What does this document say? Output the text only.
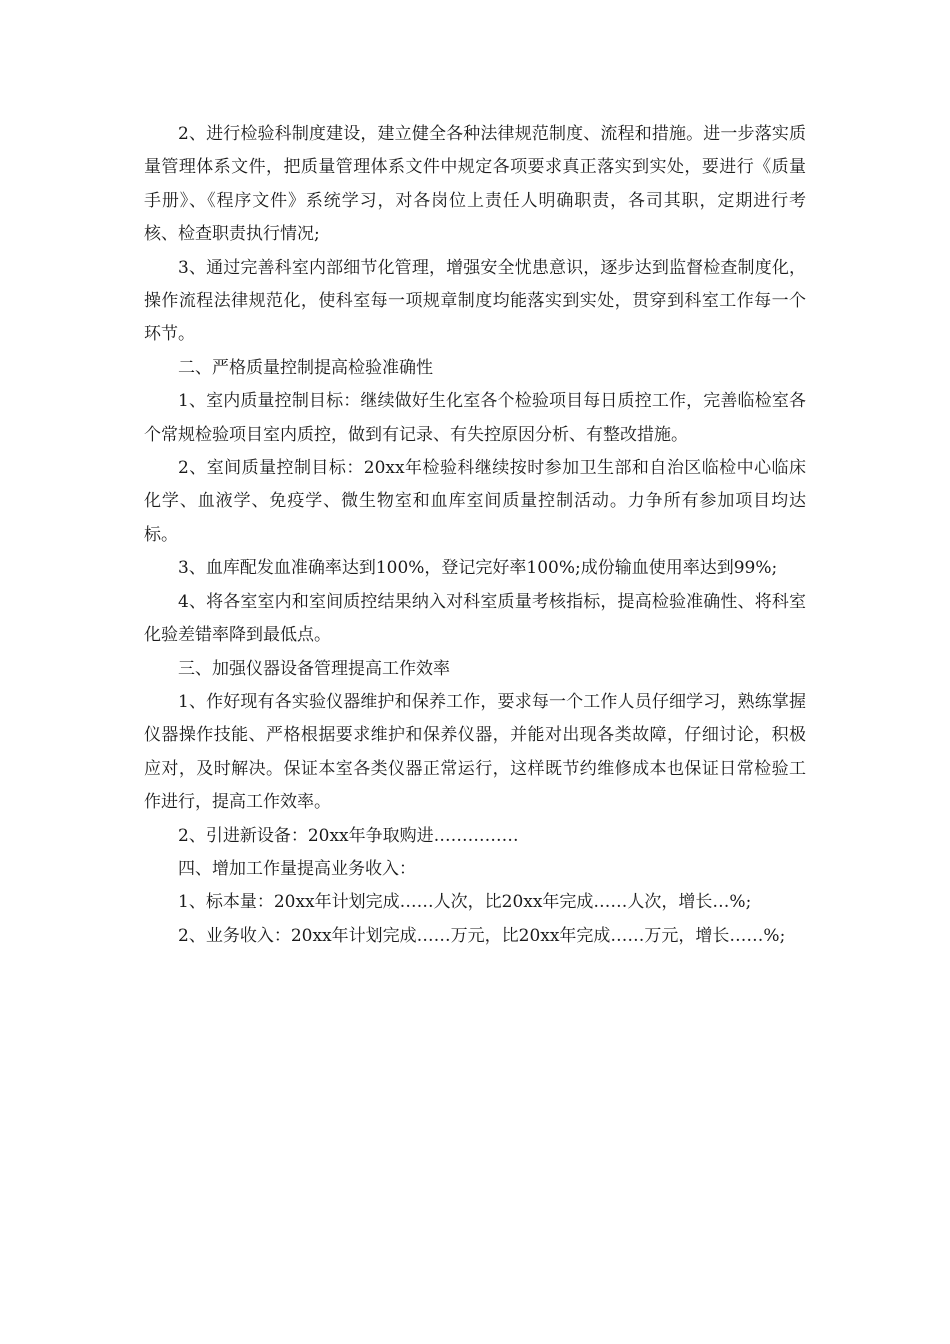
2、进行检验科制度建设，建立健全各种法律规范制度、流程和措施。进一步落实质量管理体系文件，把质量管理体系文件中规定各项要求真正落实到实处，要进行《质量手册》、《程序文件》系统学习，对各岗位上责任人明确职责，各司其职，定期进行考核、检查职责执行情况;

3、通过完善科室内部细节化管理，增强安全忧患意识，逐步达到监督检查制度化，操作流程法律规范化，使科室每一项规章制度均能落实到实处，贯穿到科室工作每一个环节。

二、严格质量控制提高检验准确性

1、室内质量控制目标：继续做好生化室各个检验项目每日质控工作，完善临检室各个常规检验项目室内质控，做到有记录、有失控原因分析、有整改措施。

2、室间质量控制目标：20xx年检验科继续按时参加卫生部和自治区临检中心临床化学、血液学、免疫学、微生物室和血库室间质量控制活动。力争所有参加项目均达标。

3、血库配发血准确率达到100%，登记完好率100%;成份输血使用率达到99%;

4、将各室室内和室间质控结果纳入对科室质量考核指标，提高检验准确性、将科室化验差错率降到最低点。

三、加强仪器设备管理提高工作效率

1、作好现有各实验仪器维护和保养工作，要求每一个工作人员仔细学习，熟练掌握仪器操作技能、严格根据要求维护和保养仪器，并能对出现各类故障，仔细讨论，积极应对，及时解决。保证本室各类仪器正常运行，这样既节约维修成本也保证日常检验工作进行，提高工作效率。

2、引进新设备：20xx年争取购进……………

四、增加工作量提高业务收入：

1、标本量：20xx年计划完成……人次，比20xx年完成……人次，增长…%;

2、业务收入：20xx年计划完成……万元，比20xx年完成……万元，增长……%;
